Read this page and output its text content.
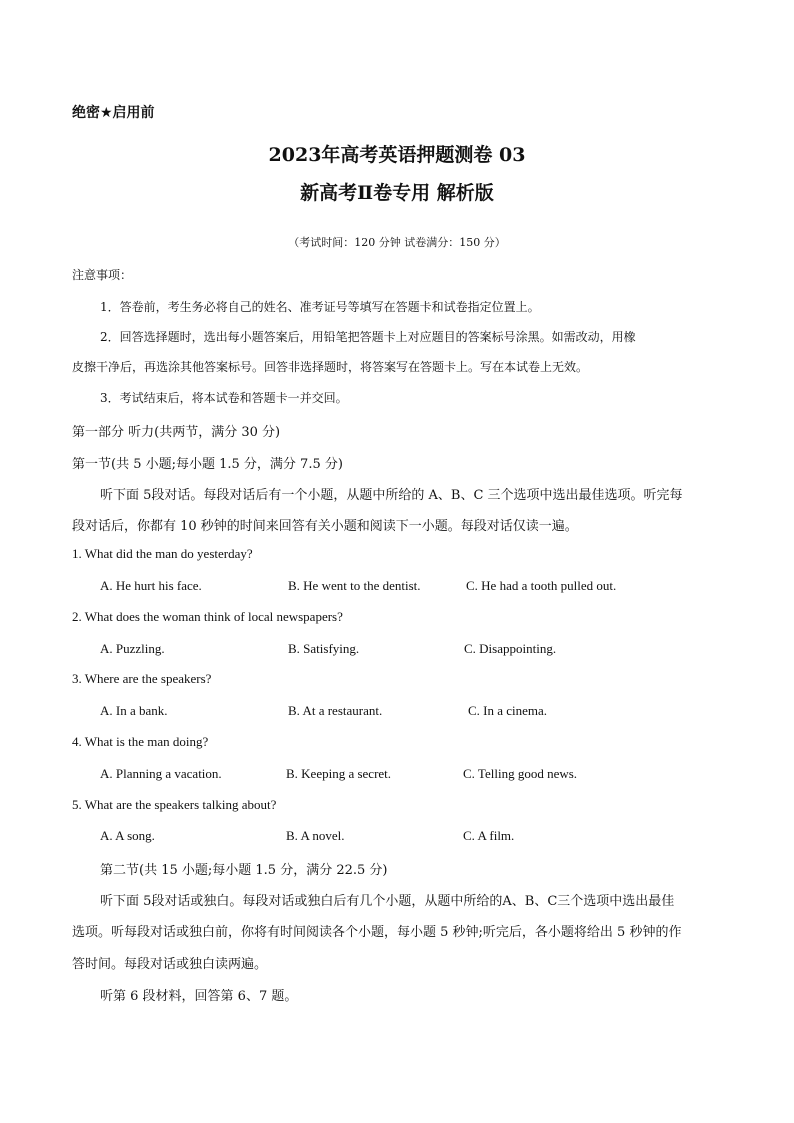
绝密★启用前
2023年高考英语押题测卷 03
新高考Ⅱ卷专用 解析版
（考试时间：120 分钟 试卷满分：150 分）
注意事项：
1．答卷前，考生务必将自己的姓名、准考证号等填写在答题卡和试卷指定位置上。
2．回答选择题时，选出每小题答案后，用铅笔把答题卡上对应题目的答案标号涂黑。如需改动，用橡
皮擦干净后，再选涂其他答案标号。回答非选择题时，将答案写在答题卡上。写在本试卷上无效。
3．考试结束后，将本试卷和答题卡一并交回。
第一部分 听力(共两节，满分 30 分)
第一节(共 5 小题;每小题 1.5 分，满分 7.5 分)
听下面 5段对话。每段对话后有一个小题，从题中所给的 A、B、C 三个选项中选出最佳选项。听完每
段对话后，你都有 10 秒钟的时间来回答有关小题和阅读下一小题。每段对话仅读一遍。
1. What did the man do yesterday?
A. He hurt his face.	B. He went to the dentist.	C. He had a tooth pulled out.
2. What does the woman think of local newspapers?
A. Puzzling.	B. Satisfying.	C. Disappointing.
3. Where are the speakers?
A. In a bank.	B. At a restaurant.	C. In a cinema.
4. What is the man doing?
A. Planning a vacation.	B. Keeping a secret.	C. Telling good news.
5. What are the speakers talking about?
A. A song.	B. A novel.	C. A film.
第二节(共 15 小题;每小题 1.5 分，满分 22.5 分)
听下面 5段对话或独白。每段对话或独白后有几个小题，从题中所给的A、B、C三个选项中选出最佳
选项。听每段对话或独白前，你将有时间阅读各个小题，每小题 5 秒钟;听完后，各小题将给出 5 秒钟的作
答时间。每段对话或独白读两遍。
听第 6 段材料，回答第 6、7 题。
